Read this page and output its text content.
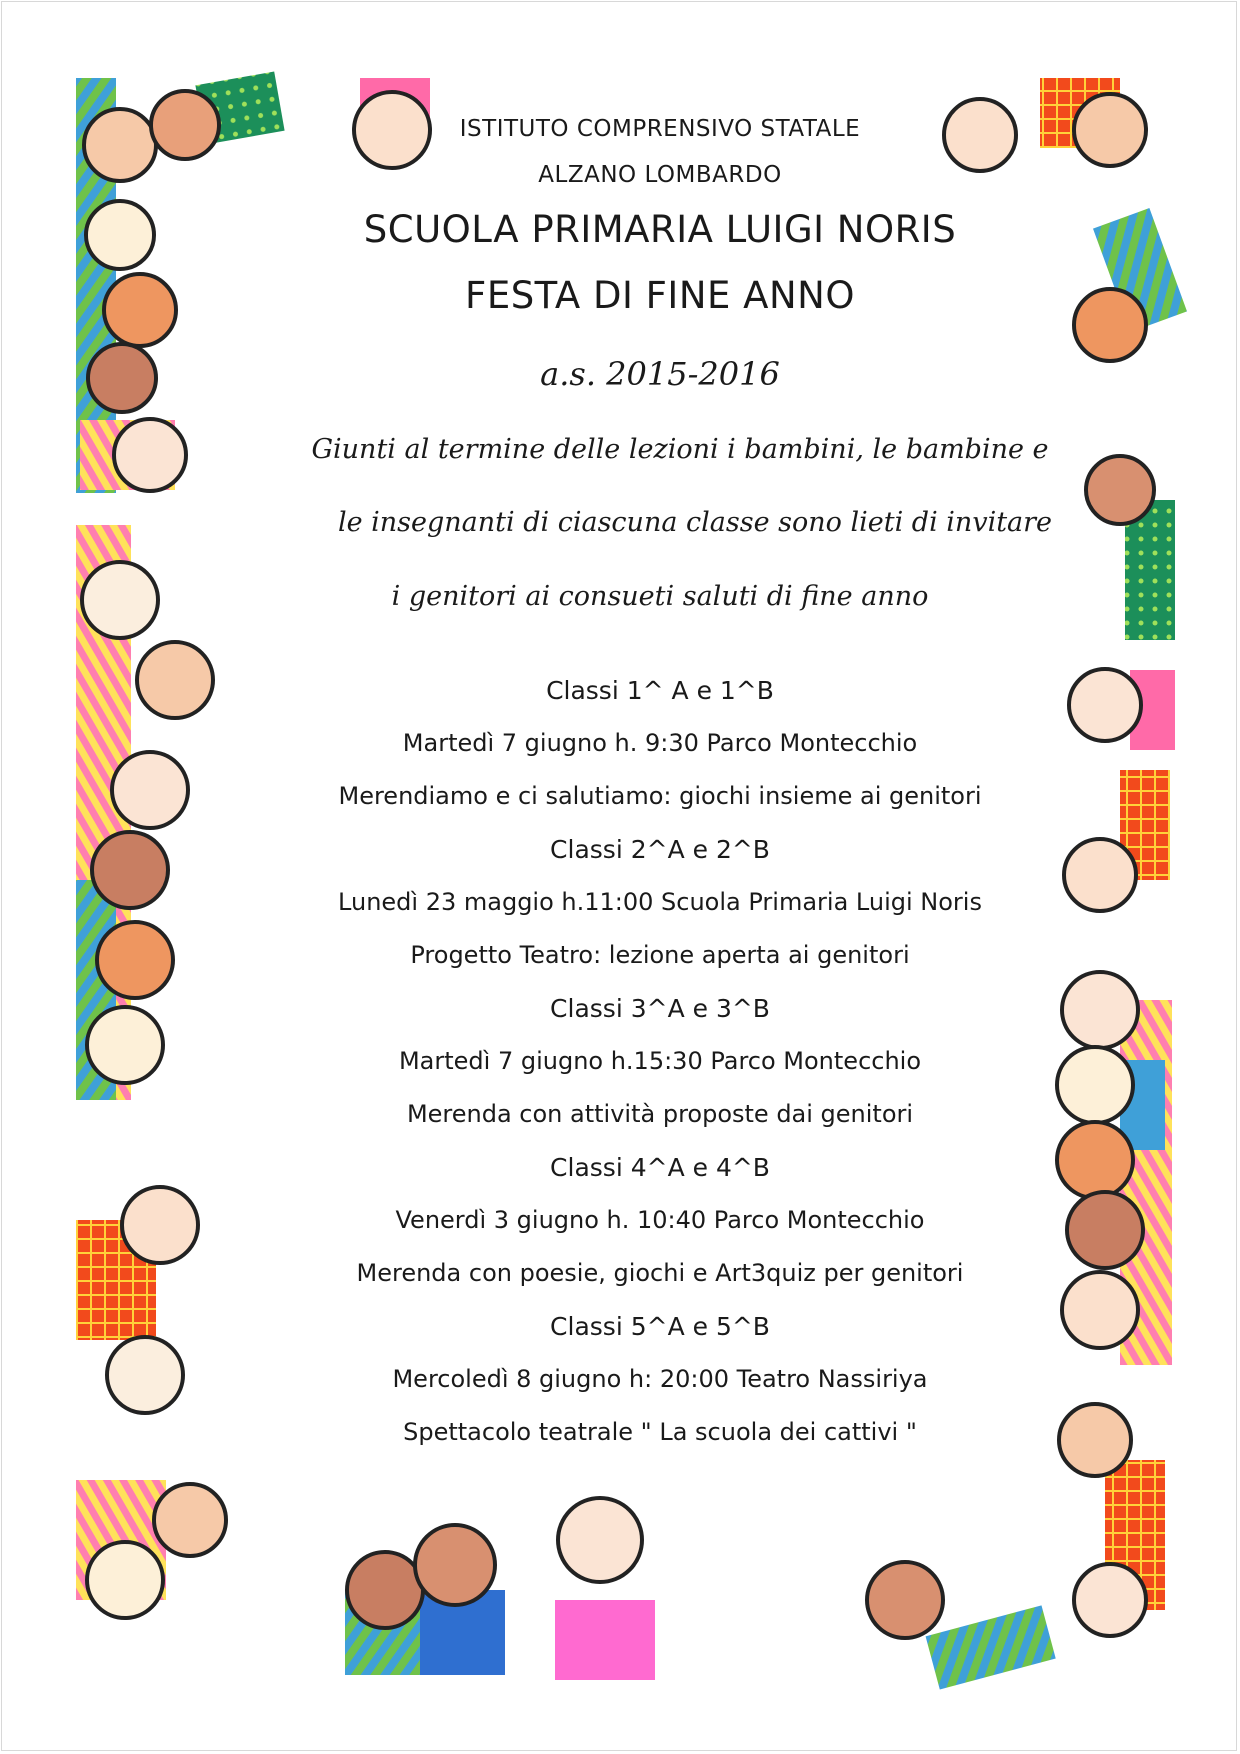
ISTITUTO COMPRENSIVO STATALE
ALZANO LOMBARDO
SCUOLA PRIMARIA LUIGI NORIS
FESTA DI FINE ANNO
a.s. 2015-2016
Giunti al termine delle lezioni i bambini, le bambine e
le insegnanti di ciascuna classe sono lieti di invitare
i genitori ai consueti saluti di fine anno
Classi 1^ A e 1^B
Martedì 7 giugno h. 9:30 Parco Montecchio
Merendiamo e ci salutiamo: giochi insieme ai genitori
Classi 2^A e 2^B
Lunedì 23 maggio h.11:00 Scuola Primaria Luigi Noris
Progetto Teatro: lezione aperta ai genitori
Classi 3^A e 3^B
Martedì 7 giugno h.15:30 Parco Montecchio
Merenda con attività proposte dai genitori
Classi 4^A e 4^B
Venerdì 3 giugno h. 10:40 Parco Montecchio
Merenda con poesie, giochi e Art3quiz per genitori
Classi 5^A e 5^B
Mercoledì 8 giugno h: 20:00 Teatro Nassiriya
Spettacolo teatrale " La scuola dei cattivi "
